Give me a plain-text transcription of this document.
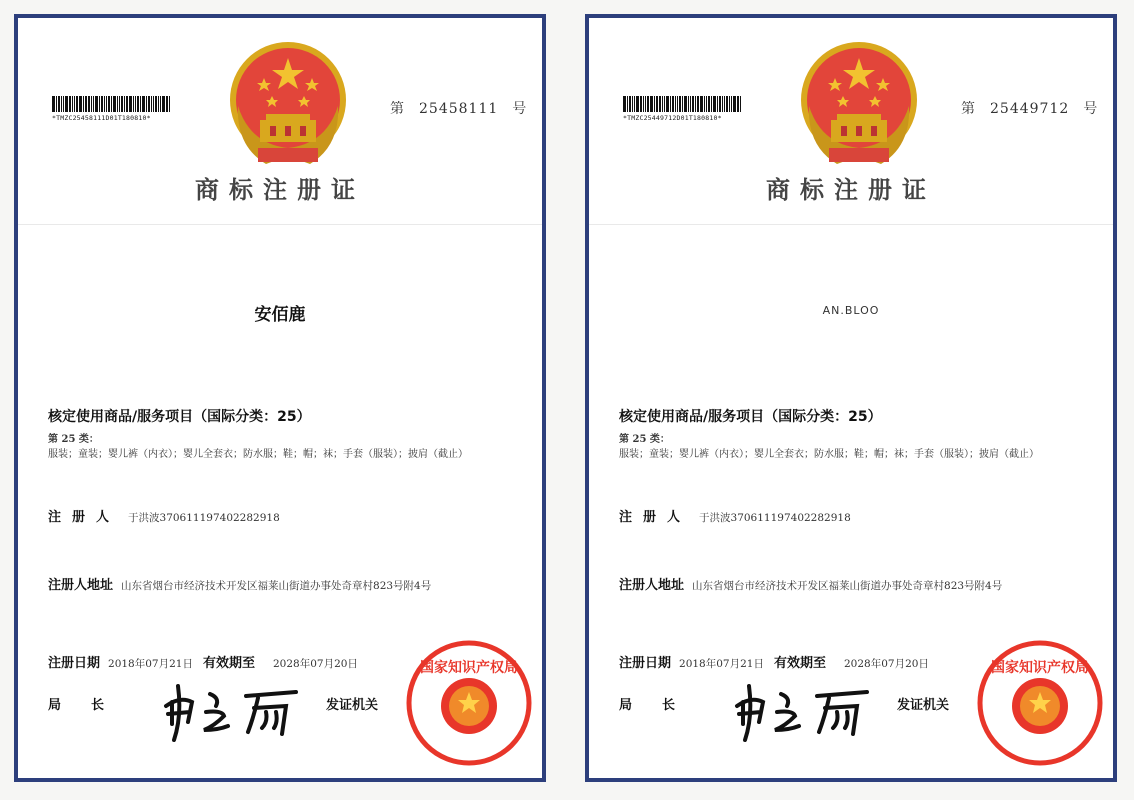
*TMZC25458111D01T180810*
第 25458111 号
商标注册证
安佰鹿
核定使用商品/服务项目（国际分类：25）
第 25 类：服装；童装；婴儿裤（内衣）；婴儿全套衣；防水服；鞋；帽；袜；手套（服装）；披肩（截止）
注册人 于洪波370611197402282918
注册人地址 山东省烟台市经济技术开发区福莱山街道办事处奇章村823号附4号
注册日期 2018年07月21日 有效期至 2028年07月20日
局长	发证机关
国家知识产权局
*TMZC25449712D01T180810*
第 25449712 号
商标注册证
AN.BLOO
核定使用商品/服务项目（国际分类：25）
第 25 类：服装；童装；婴儿裤（内衣）；婴儿全套衣；防水服；鞋；帽；袜；手套（服装）；披肩（截止）
注册人 于洪波370611197402282918
注册人地址 山东省烟台市经济技术开发区福莱山街道办事处奇章村823号附4号
注册日期 2018年07月21日 有效期至 2028年07月20日
局长	发证机关
国家知识产权局
